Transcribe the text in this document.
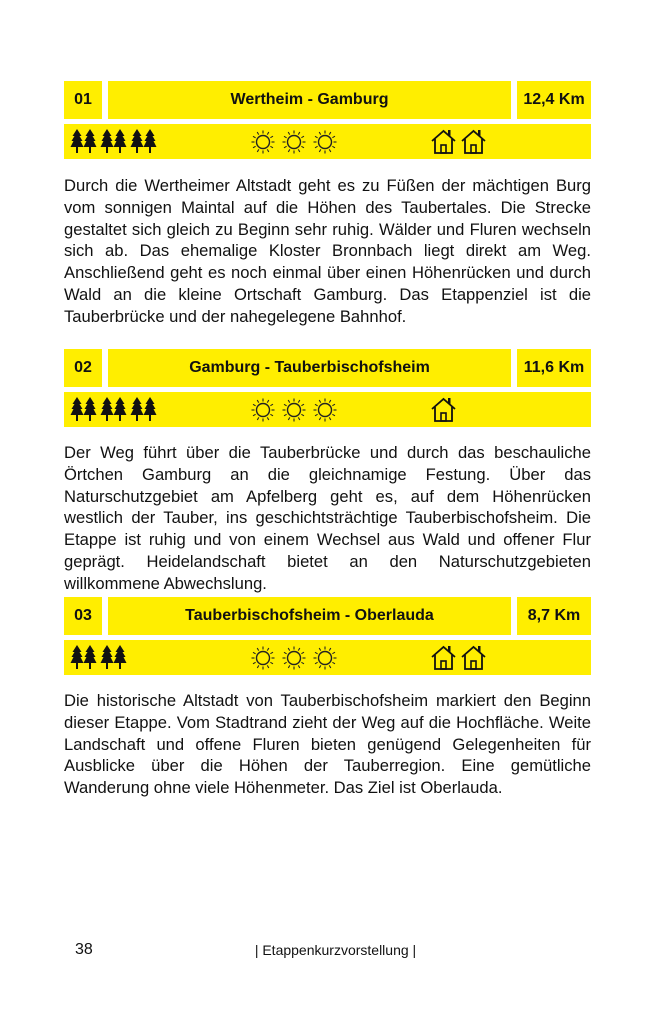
01	Wertheim - Gamburg	12,4 Km

Durch die Wertheimer Altstadt geht es zu Füßen der mächtigen Burg vom sonnigen Maintal auf die Höhen des Taubertales. Die Strecke gestaltet sich gleich zu Beginn sehr ruhig. Wälder und Fluren wechseln sich ab. Das ehemalige Kloster Bronnbach liegt direkt am Weg. Anschließend geht es noch einmal über einen Höhenrücken und durch Wald an die kleine Ortschaft Gamburg. Das Etappenziel ist die Tauberbrücke und der nahegelegene Bahnhof.

02	Gamburg - Tauberbischofsheim	11,6 Km

Der Weg führt über die Tauberbrücke und durch das beschauliche Örtchen Gamburg an die gleichnamige Festung. Über das Naturschutzgebiet am Apfelberg geht es, auf dem Höhenrücken westlich der Tauber, ins geschichtsträchtige Tauberbischofsheim. Die Etappe ist ruhig und von einem Wechsel aus Wald und offener Flur geprägt. Heidelandschaft bietet an den Naturschutzgebieten willkommene Abwechslung.

03	Tauberbischofsheim - Oberlauda	8,7 Km

Die historische Altstadt von Tauberbischofsheim markiert den Beginn dieser Etappe. Vom Stadtrand zieht der Weg auf die Hochfläche. Weite Landschaft und offene Fluren bieten genügend Gelegenheiten für Ausblicke über die Höhen der Tauberregion. Eine gemütliche Wanderung ohne viele Höhenmeter. Das Ziel ist Oberlauda.

38	| Etappenkurzvorstellung |
